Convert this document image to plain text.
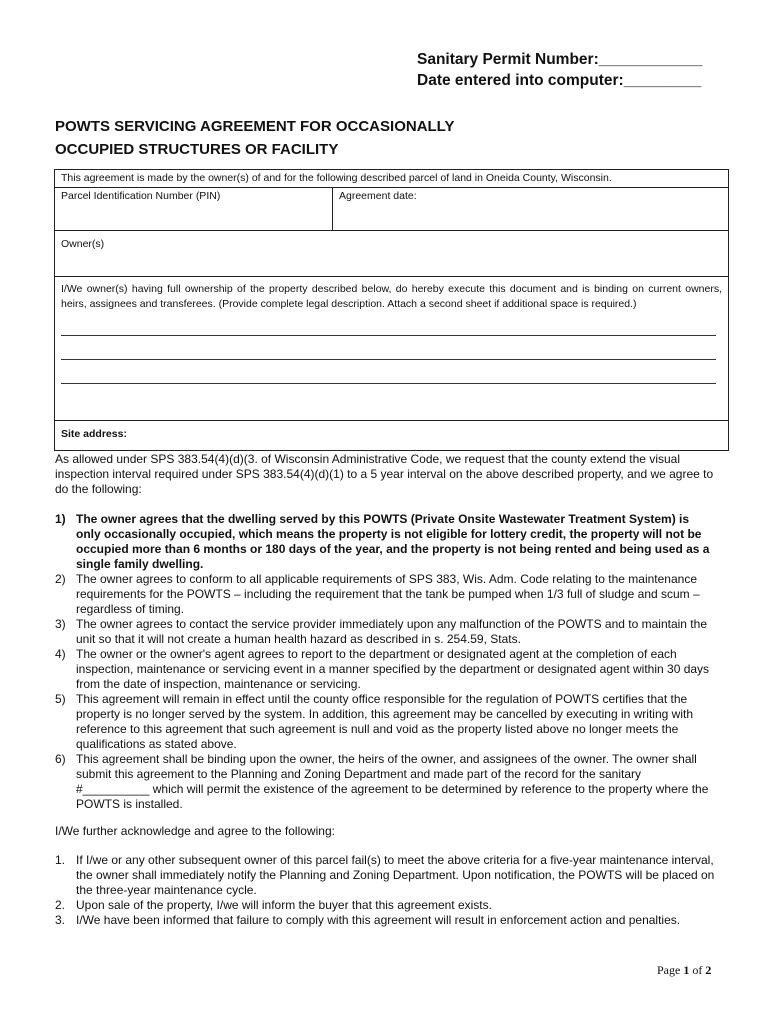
Sanitary Permit Number:____________
Date entered into computer:_________
POWTS SERVICING AGREEMENT FOR OCCASIONALLY
OCCUPIED STRUCTURES OR FACILITY
This agreement is made by the owner(s) of and for the following described parcel of land in Oneida County, Wisconsin.
Parcel Identification Number (PIN)	Agreement date:
Owner(s)
I/We owner(s) having full ownership of the property described below, do hereby execute this document and is binding on current owners, heirs, assignees and transferees. (Provide complete legal description. Attach a second sheet if additional space is required.)
Site address:
As allowed under SPS 383.54(4)(d)(3. of Wisconsin Administrative Code, we request that the county extend the visual inspection interval required under SPS 383.54(4)(d)(1) to a 5 year interval on the above described property, and we agree to do the following:
1) The owner agrees that the dwelling served by this POWTS (Private Onsite Wastewater Treatment System) is only occasionally occupied, which means the property is not eligible for lottery credit, the property will not be occupied more than 6 months or 180 days of the year, and the property is not being rented and being used as a single family dwelling.
2) The owner agrees to conform to all applicable requirements of SPS 383, Wis. Adm. Code relating to the maintenance requirements for the POWTS – including the requirement that the tank be pumped when 1/3 full of sludge and scum – regardless of timing.
3) The owner agrees to contact the service provider immediately upon any malfunction of the POWTS and to maintain the unit so that it will not create a human health hazard as described in s. 254.59, Stats.
4) The owner or the owner's agent agrees to report to the department or designated agent at the completion of each inspection, maintenance or servicing event in a manner specified by the department or designated agent within 30 days from the date of inspection, maintenance or servicing.
5) This agreement will remain in effect until the county office responsible for the regulation of POWTS certifies that the property is no longer served by the system. In addition, this agreement may be cancelled by executing in writing with reference to this agreement that such agreement is null and void as the property listed above no longer meets the qualifications as stated above.
6) This agreement shall be binding upon the owner, the heirs of the owner, and assignees of the owner. The owner shall submit this agreement to the Planning and Zoning Department and made part of the record for the sanitary #__________ which will permit the existence of the agreement to be determined by reference to the property where the POWTS is installed.
I/We further acknowledge and agree to the following:
1. If I/we or any other subsequent owner of this parcel fail(s) to meet the above criteria for a five-year maintenance interval, the owner shall immediately notify the Planning and Zoning Department. Upon notification, the POWTS will be placed on the three-year maintenance cycle.
2. Upon sale of the property, I/we will inform the buyer that this agreement exists.
3. I/We have been informed that failure to comply with this agreement will result in enforcement action and penalties.
Page 1 of 2
